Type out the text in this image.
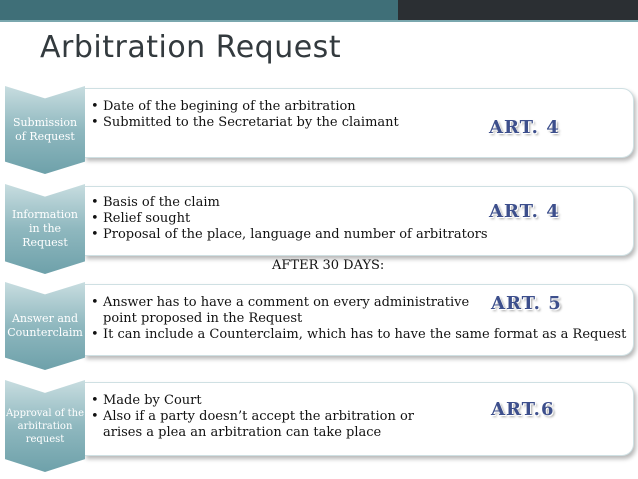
Arbitration Request
• Date of the begining of the arbitration
• Submitted to the Secretariat by the claimant	ART. 4
Submission of Request
• Basis of the claim
• Relief sought
• Proposal of the place, language and number of arbitrators
ART. 4
Information in the Request
AFTER 30 DAYS:
• Answer has to have a comment on every administrative
point proposed in the Request
• It can include a Counterclaim, which has to have the same format as a Request
ART. 5
Answer and Counterclaim
• Made by Court
• Also if a party doesn’t accept the arbitration or
arises a plea an arbitration can take place
ART.6
Approval of the arbitration request
